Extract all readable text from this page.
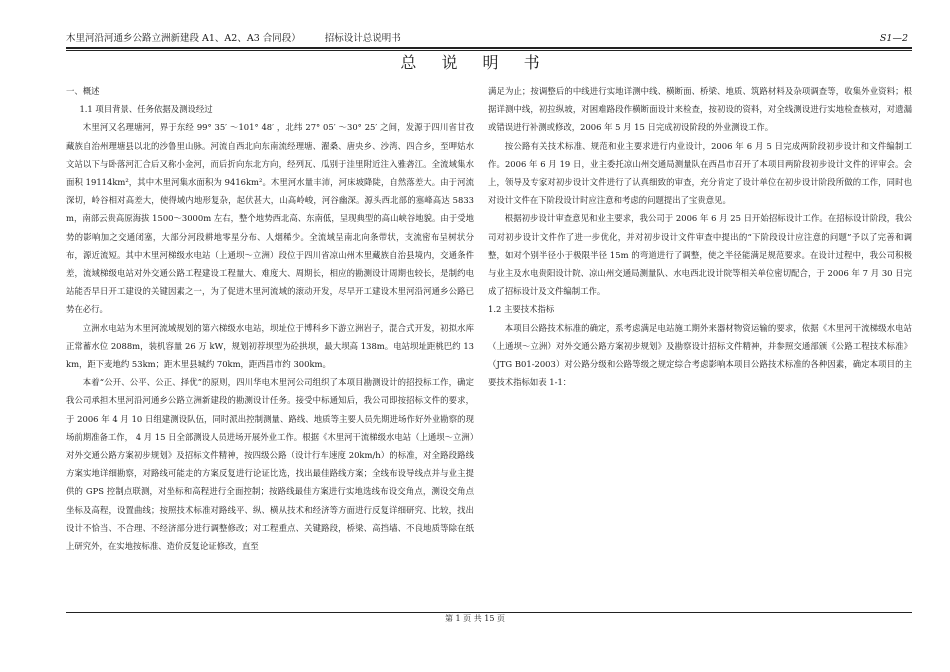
木里河沿河通乡公路立洲新建段 A1、A2、A3 合同段）	招标设计总说明书	S1—2
总 说 明 书

一、概述

1.1 项目背景、任务依据及测设经过

木里河又名理塘河，界于东经 99° 35′ ～101° 48′ ，北纬 27° 05′ ～30° 25′ 之间，发源于四川省甘孜藏族自治州理塘县以北的沙鲁里山脉。河流自西北向东南流经理塘、濯桑、唐央乡、沙湾、四合乡，至呷姑水文站以下与卧落河汇合后又称小金河，而后折向东北方向，经列瓦、瓜别于洼里附近注入雅砻江。全流域集水面积 19114km²，其中木里河集水面积为 9416km²。木里河水量丰沛，河床坡降陡，自然落差大。由于河流深切，岭谷相对高差大，使得域内地形复杂，起伏甚大，山高岭峻，河谷幽深。源头西北部的塞峰高达 5833m，南部云贵高原海拔 1500～3000m 左右，整个地势西北高、东南低，呈现典型的高山峡谷地貌。由于受地势的影响加之交通闭塞，大部分河段耕地零星分布、人烟稀少。全流域呈南北向条带状，支流密布呈树状分布，源近流短。其中木里河梯级水电站（上通坝～立洲）段位于四川省凉山州木里藏族自治县境内，交通条件差，流域梯级电站对外交通公路工程建设工程量大、难度大、周期长，相应的勘测设计周期也较长，是制约电站能否早日开工建设的关键因素之一，为了促进木里河流域的滚动开发，尽早开工建设木里河沿河通乡公路已势在必行。

立洲水电站为木里河流域规划的第六梯级水电站，坝址位于博科乡下游立洲岩子，混合式开发，初拟水库正常蓄水位 2088m，装机容量 26 万 kW，规划初荐坝型为砼拱坝，最大坝高 138m。电站坝址距桃巴约 13km，距下麦地约 53km；距木里县城约 70km，距西昌市约 300km。

本着“公开、公平、公正、择优”的原则，四川华电木里河公司组织了本项目勘测设计的招投标工作，确定我公司承担木里河沿河通乡公路立洲新建段的勘测设计任务。接受中标通知后，我公司即按招标文件的要求，于 2006 年 4 月 10 日组建测设队伍，同时派出控制测量、路线、地质等主要人员先期进场作好外业勘察的现场前期准备工作， 4 月 15 日全部测设人员进场开展外业工作。根据《木里河干流梯级水电站（上通坝～立洲）对外交通公路方案初步规划》及招标文件精神，按四级公路（设计行车速度 20km/h）的标准，对全路段路线方案实地详细勘察，对路线可能走的方案反复进行论证比选，找出最佳路线方案；全线布设导线点并与业主提供的 GPS 控制点联测，对坐标和高程进行全面控制；按路线最佳方案进行实地选线布设交角点，测设交角点坐标及高程，设置曲线；按照技术标准对路线平、纵、横从技术和经济等方面进行反复详细研究、比较，找出设计不恰当、不合理、不经济部分进行调整修改；对工程重点、关键路段，桥梁、高挡墙、不良地质等除在纸上研究外，在实地按标准、造价反复论证修改，直至

满足为止；按调整后的中线进行实地详测中线、横断面、桥梁、地质、筑路材料及杂项调查等，收集外业资料；根据详测中线，初拉纵坡，对困难路段作横断面设计来检查，按初设的资料，对全线测设进行实地检查核对，对遗漏或错误进行补测或修改，2006 年 5 月 15 日完成初设阶段的外业测设工作。

按公路有关技术标准、规范和业主要求进行内业设计，2006 年 6 月 5 日完成两阶段初步设计和文件编制工作。2006 年 6 月 19 日，业主委托凉山州交通局测量队在西昌市召开了本项目两阶段初步设计文件的评审会。会上，领导及专家对初步设计文件进行了认真细致的审查，充分肯定了设计单位在初步设计阶段所做的工作，同时也对设计文件在下阶段设计时应注意和考虑的问题提出了宝贵意见。

根据初步设计审查意见和业主要求，我公司于 2006 年 6 月 25 日开始招标设计工作。在招标设计阶段，我公司对初步设计文件作了进一步优化，并对初步设计文件审查中提出的“下阶段设计应注意的问题”予以了完善和调整，如对个别半径小于极限半径 15m 的弯道进行了调整，使之半径能满足规范要求。在设计过程中，我公司积极与业主及水电贵阳设计院、凉山州交通局测量队、水电西北设计院等相关单位密切配合，于 2006 年 7 月 30 日完成了招标设计及文件编制工作。

1.2 主要技术指标

本项目公路技术标准的确定，系考虑满足电站施工期外来器材物资运输的要求，依据《木里河干流梯级水电站（上通坝～立洲）对外交通公路方案初步规划》及勘察设计招标文件精神，并参照交通部颁《公路工程技术标准》（JTG B01-2003）对公路分级和公路等级之规定综合考虑影响本项目公路技术标准的各种因素，确定本项目的主要技术指标如表 1-1：

第 1 页 共 15 页
